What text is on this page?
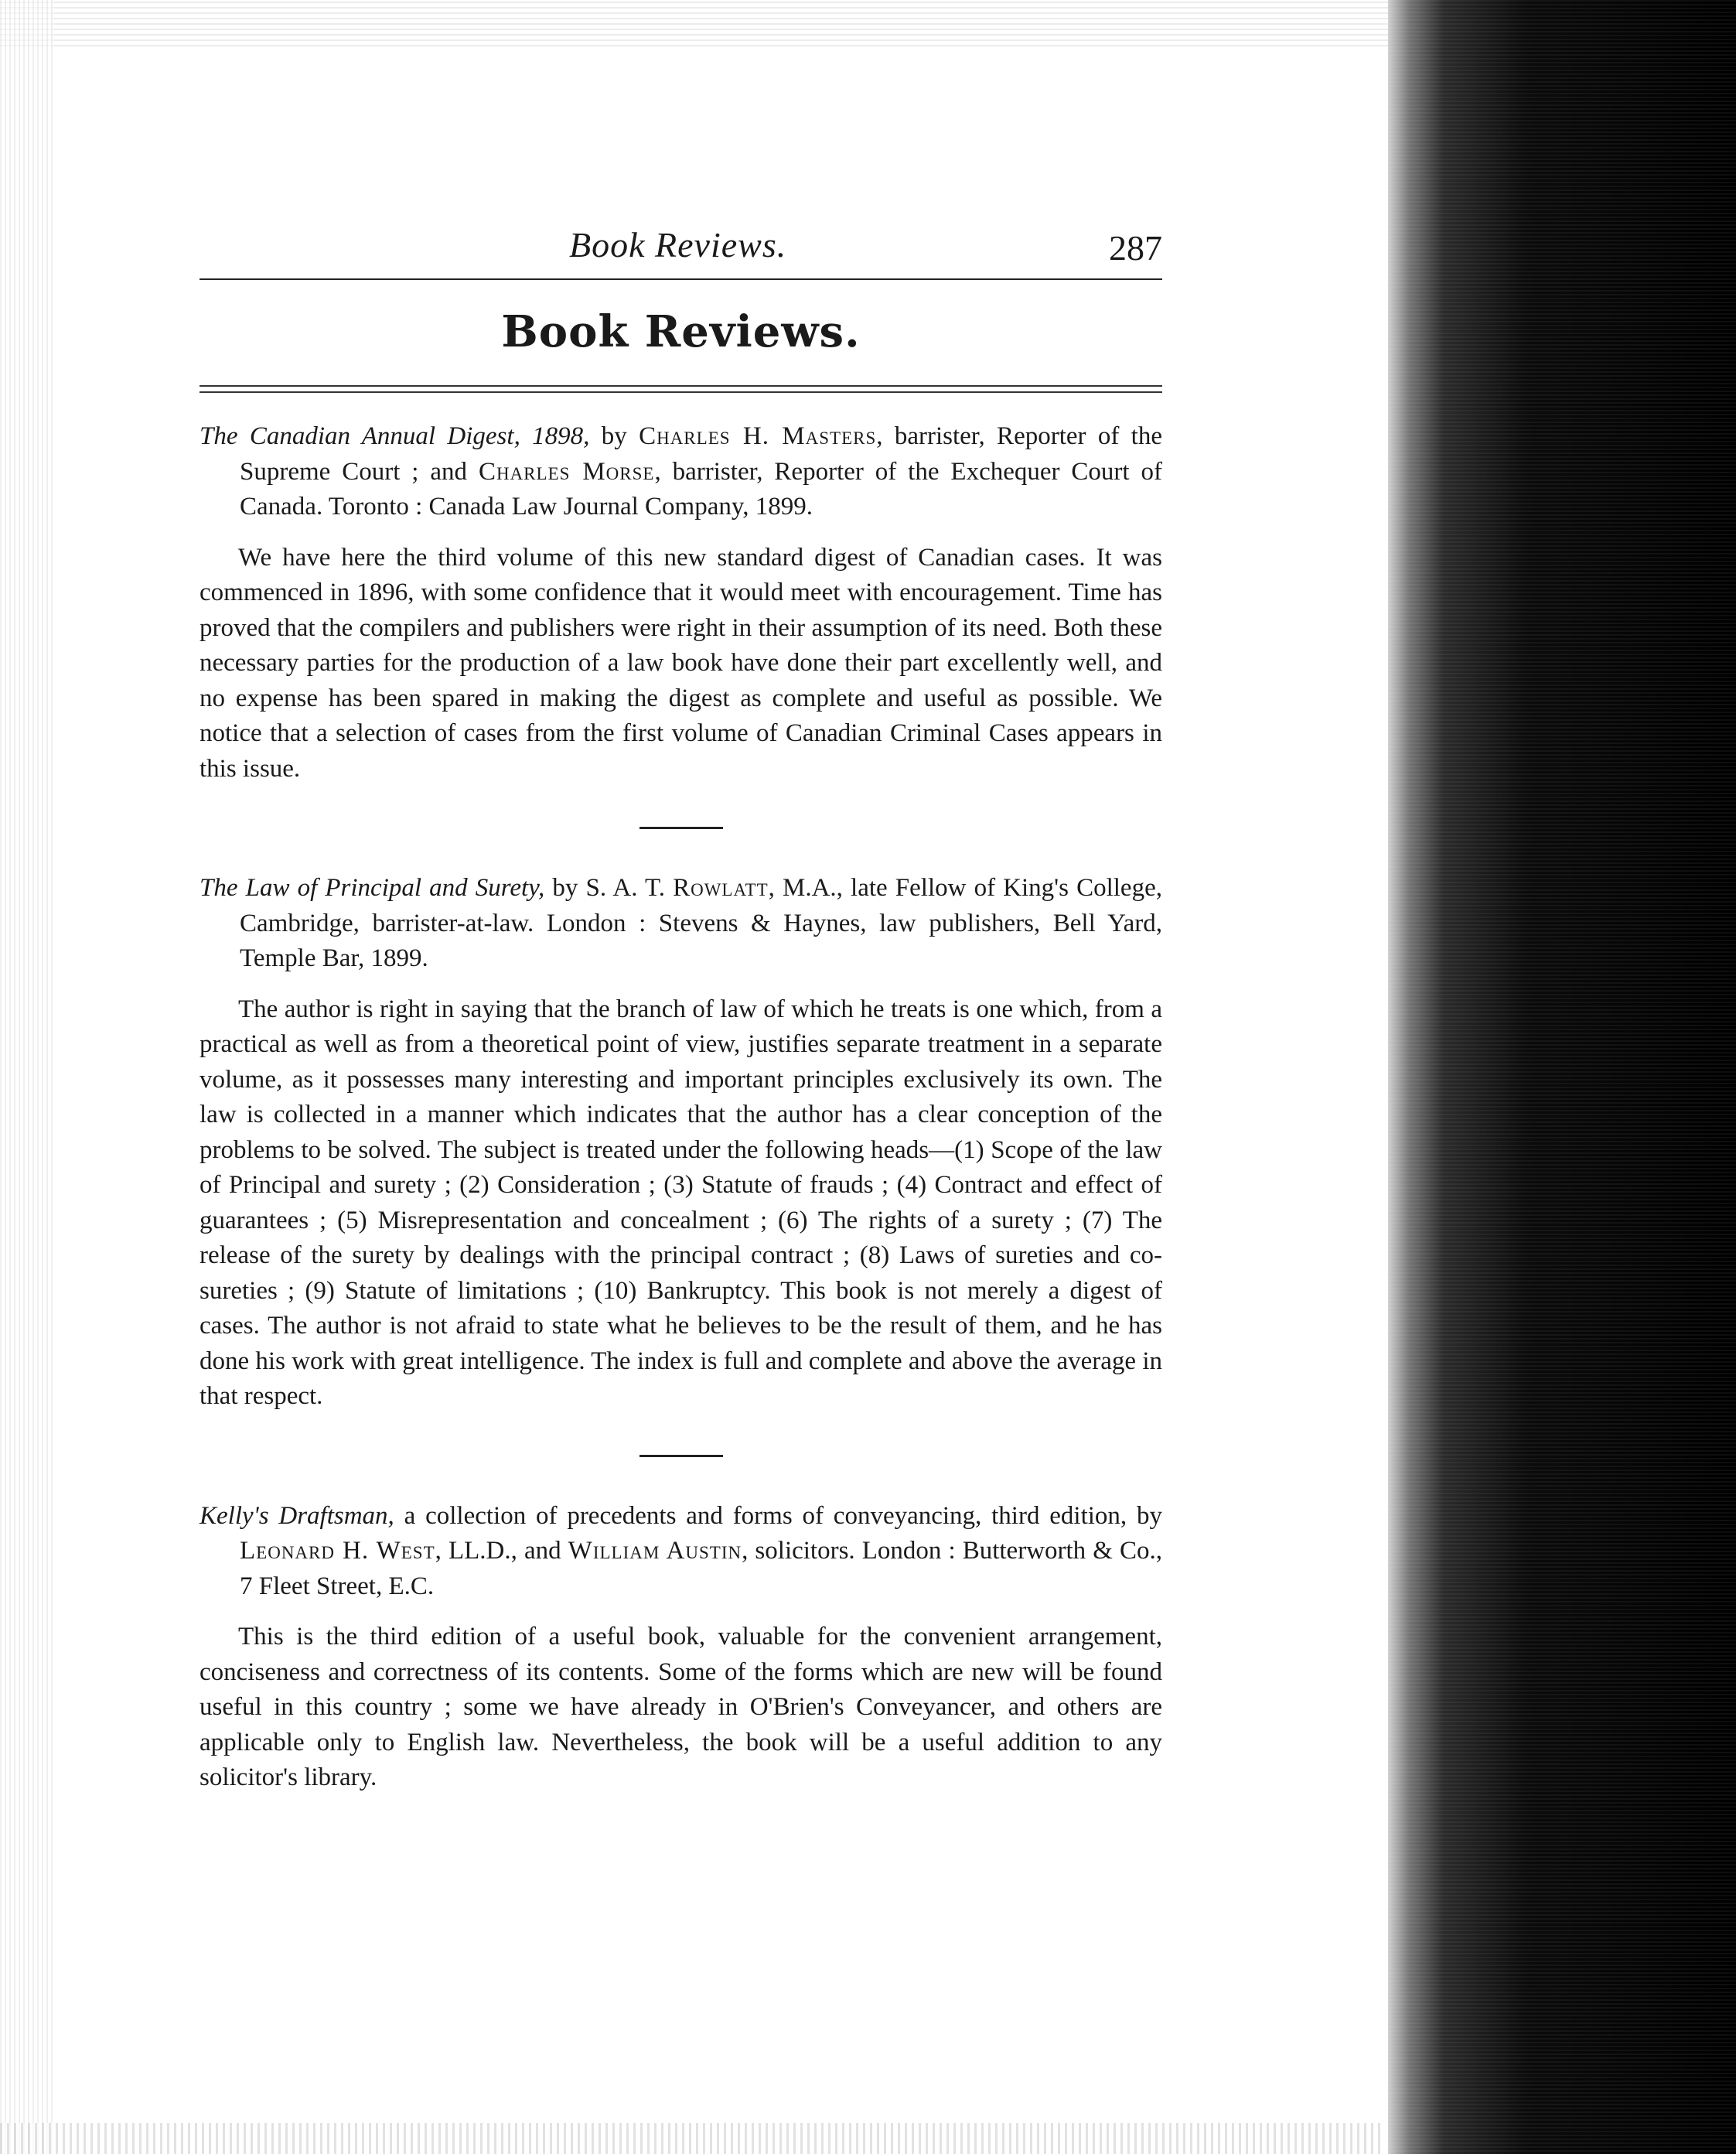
Book Reviews.	287
Book Reviews.

The Canadian Annual Digest, 1898, by Charles H. Masters, barrister, Reporter of the Supreme Court ; and Charles Morse, barrister, Reporter of the Exchequer Court of Canada. Toronto : Canada Law Journal Company, 1899.

We have here the third volume of this new standard digest of Canadian cases. It was commenced in 1896, with some confidence that it would meet with encouragement. Time has proved that the compilers and publishers were right in their assumption of its need. Both these necessary parties for the production of a law book have done their part excellently well, and no expense has been spared in making the digest as complete and useful as possible. We notice that a selection of cases from the first volume of Canadian Criminal Cases appears in this issue.

The Law of Principal and Surety, by S. A. T. Rowlatt, M.A., late Fellow of King's College, Cambridge, barrister-at-law. London : Stevens & Haynes, law publishers, Bell Yard, Temple Bar, 1899.

The author is right in saying that the branch of law of which he treats is one which, from a practical as well as from a theoretical point of view, justifies separate treatment in a separate volume, as it possesses many interesting and important principles exclusively its own. The law is collected in a manner which indicates that the author has a clear conception of the problems to be solved. The subject is treated under the following heads—(1) Scope of the law of Principal and surety ; (2) Consideration ; (3) Statute of frauds ; (4) Contract and effect of guarantees ; (5) Misrepresentation and concealment ; (6) The rights of a surety ; (7) The release of the surety by dealings with the principal contract ; (8) Laws of sureties and co-sureties ; (9) Statute of limitations ; (10) Bankruptcy. This book is not merely a digest of cases. The author is not afraid to state what he believes to be the result of them, and he has done his work with great intelligence. The index is full and complete and above the average in that respect.

Kelly's Draftsman, a collection of precedents and forms of conveyancing, third edition, by Leonard H. West, LL.D., and William Austin, solicitors. London : Butterworth & Co., 7 Fleet Street, E.C.

This is the third edition of a useful book, valuable for the convenient arrangement, conciseness and correctness of its contents. Some of the forms which are new will be found useful in this country ; some we have already in O'Brien's Conveyancer, and others are applicable only to English law. Nevertheless, the book will be a useful addition to any solicitor's library.
